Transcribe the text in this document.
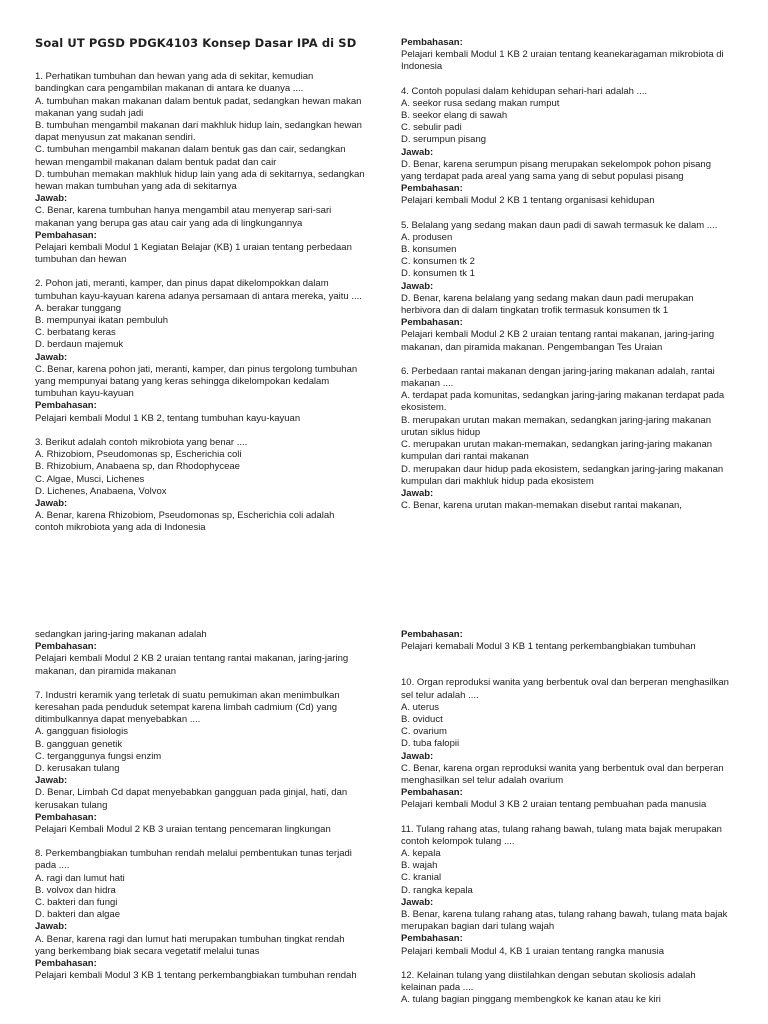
Soal UT PGSD PDGK4103 Konsep Dasar IPA di SD

1. Perhatikan tumbuhan dan hewan yang ada di sekitar, kemudian bandingkan cara pengambilan makanan di antara ke duanya ....

A. tumbuhan makan makanan dalam bentuk padat, sedangkan hewan makan makanan yang sudah jadi

B. tumbuhan mengambil makanan dari makhluk hidup lain, sedangkan hewan dapat menyusun zat makanan sendiri.

C. tumbuhan mengambil makanan dalam bentuk gas dan cair, sedangkan hewan mengambil makanan dalam bentuk padat dan cair

D. tumbuhan memakan makhluk hidup lain yang ada di sekitarnya, sedangkan hewan makan tumbuhan yang ada di sekitarnya

Jawab:

C. Benar, karena tumbuhan hanya mengambil atau menyerap sari-sari makanan yang berupa gas atau cair yang ada di lingkungannya

Pembahasan:

Pelajari kembali Modul 1 Kegiatan Belajar (KB) 1 uraian tentang perbedaan tumbuhan dan hewan

2. Pohon jati, meranti, kamper, dan pinus dapat dikelompokkan dalam tumbuhan kayu-kayuan karena adanya persamaan di antara mereka, yaitu ....

A. berakar tunggang

B. mempunyai ikatan pembuluh

C. berbatang keras

D. berdaun majemuk

Jawab:

C. Benar, karena pohon jati, meranti, kamper, dan pinus tergolong tumbuhan yang mempunyai batang yang keras sehingga dikelompokan kedalam tumbuhan kayu-kayuan

Pembahasan:

Pelajari kembali Modul 1 KB 2, tentang tumbuhan kayu-kayuan

3. Berikut adalah contoh mikrobiota yang benar ....

A. Rhizobiom, Pseudomonas sp, Escherichia coli

B. Rhizobium, Anabaena sp, dan Rhodophyceae

C. Algae, Musci, Lichenes

D. Lichenes, Anabaena, Volvox

Jawab:

A. Benar, karena Rhizobiom, Pseudomonas sp, Escherichia coli adalah contoh mikrobiota yang ada di Indonesia

Pembahasan:

Pelajari kembali Modul 1 KB 2 uraian tentang keanekaragaman mikrobiota di Indonesia

4. Contoh populasi dalam kehidupan sehari-hari adalah ....

A. seekor rusa sedang makan rumput

B. seekor elang di sawah

C. sebulir padi

D. serumpun pisang

Jawab:

D. Benar, karena serumpun pisang merupakan sekelompok pohon pisang yang terdapat pada areal yang sama yang di sebut populasi pisang

Pembahasan:

Pelajari kembali Modul 2 KB 1 tentang organisasi kehidupan

5. Belalang yang sedang makan daun padi di sawah termasuk ke dalam ....

A. produsen

B. konsumen

C. konsumen tk 2

D. konsumen tk 1

Jawab:

D. Benar, karena belalang yang sedang makan daun padi merupakan herbivora dan di dalam tingkatan trofik termasuk konsumen tk 1

Pembahasan:

Pelajari kembali Modul 2 KB 2 uraian tentang rantai makanan, jaring-jaring makanan, dan piramida makanan. Pengembangan Tes Uraian

6. Perbedaan rantai makanan dengan jaring-jaring makanan adalah, rantai makanan ....

A. terdapat pada komunitas, sedangkan jaring-jaring makanan terdapat pada ekosistem.

B. merupakan urutan makan memakan, sedangkan jaring-jaring makanan urutan siklus hidup

C. merupakan urutan makan-memakan, sedangkan jaring-jaring makanan kumpulan dari rantai makanan

D. merupakan daur hidup pada ekosistem, sedangkan jaring-jaring makanan kumpulan dari makhluk hidup pada ekosistem

Jawab:

C. Benar, karena urutan makan-memakan disebut rantai makanan,

sedangkan jaring-jaring makanan adalah

Pembahasan:

Pelajari kembali Modul 2 KB 2 uraian tentang rantai makanan, jaring-jaring makanan, dan piramida makanan

7. Industri keramik yang terletak di suatu pemukiman akan menimbulkan keresahan pada penduduk setempat karena limbah cadmium (Cd) yang ditimbulkannya dapat menyebabkan ....

A. gangguan fisiologis

B. gangguan genetik

C. terganggunya fungsi enzim

D. kerusakan tulang

Jawab:

D. Benar, Limbah Cd dapat menyebabkan gangguan pada ginjal, hati, dan kerusakan tulang

Pembahasan:

Pelajari Kembali Modul 2 KB 3 uraian tentang pencemaran lingkungan

8. Perkembangbiakan tumbuhan rendah melalui pembentukan tunas terjadi pada ....

A. ragi dan lumut hati

B. volvox dan hidra

C. bakteri dan fungi

D. bakteri dan algae

Jawab:

A. Benar, karena ragi dan lumut hati merupakan tumbuhan tingkat rendah yang berkembang biak secara vegetatif melalui tunas

Pembahasan:

Pelajari kembali Modul 3 KB 1 tentang perkembangbiakan tumbuhan rendah

Pembahasan:

Pelajari kemabali Modul 3 KB 1 tentang perkembangbiakan tumbuhan

10. Organ reproduksi wanita yang berbentuk oval dan berperan menghasilkan sel telur adalah ....

A. uterus

B. oviduct

C. ovarium

D. tuba falopii

Jawab:

C. Benar, karena organ reproduksi wanita yang berbentuk oval dan berperan menghasilkan sel telur adalah ovarium

Pembahasan:

Pelajari kembali Modul 3 KB 2 uraian tentang pembuahan pada manusia

11. Tulang rahang atas, tulang rahang bawah, tulang mata bajak merupakan contoh kelompok tulang ....

A. kepala

B. wajah

C. kranial

D. rangka kepala

Jawab:

B. Benar, karena tulang rahang atas, tulang rahang bawah, tulang mata bajak merupakan bagian dari tulang wajah

Pembahasan:

Pelajari kembali Modul 4, KB 1 uraian tentang rangka manusia

12. Kelainan tulang yang diistilahkan dengan sebutan skoliosis adalah kelainan pada ....

A. tulang bagian pinggang membengkok ke kanan atau ke kiri
